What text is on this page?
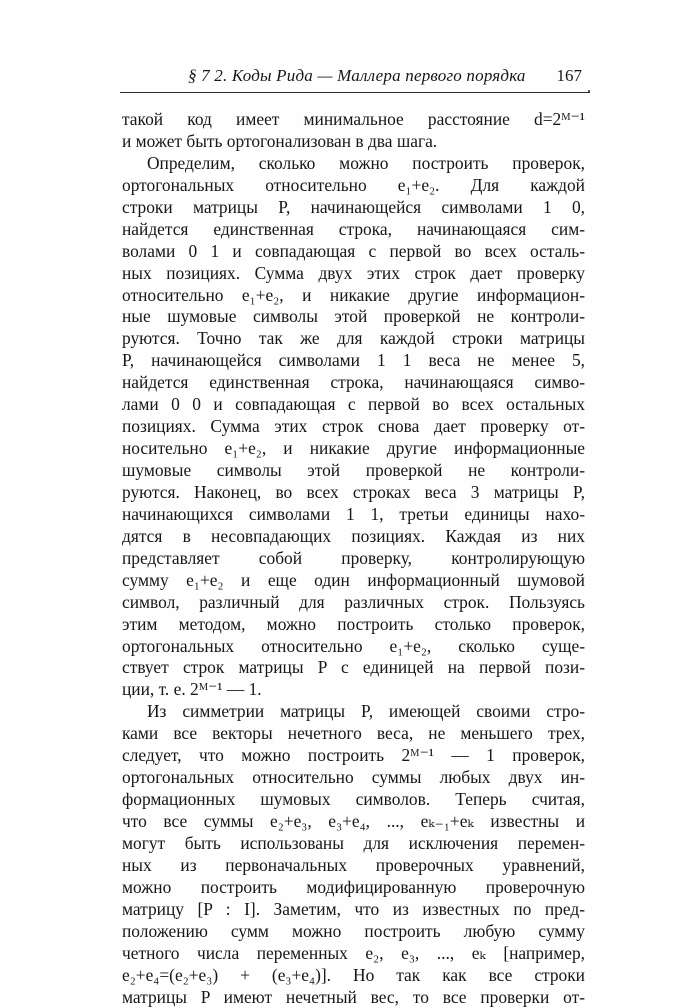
§ 7 2. Коды Рида — Маллера первого порядка 167
такой код имеет минимальное расстояние d=2ᴹ⁻¹
и может быть ортогонализован в два шага.
Определим, сколько можно построить проверок,
ортогональных относительно e₁+e₂. Для каждой
строки матрицы P, начинающейся символами 1 0,
найдется единственная строка, начинающаяся сим-
волами 0 1 и совпадающая с первой во всех осталь-
ных позициях. Сумма двух этих строк дает проверку
относительно e₁+e₂, и никакие другие информацион-
ные шумовые символы этой проверкой не контроли-
руются. Точно так же для каждой строки матрицы
P, начинающейся символами 1 1 веса не менее 5,
найдется единственная строка, начинающаяся симво-
лами 0 0 и совпадающая с первой во всех остальных
позициях. Сумма этих строк снова дает проверку от-
носительно e₁+e₂, и никакие другие информационные
шумовые символы этой проверкой не контроли-
руются. Наконец, во всех строках веса 3 матрицы P,
начинающихся символами 1 1, третьи единицы нахо-
дятся в несовпадающих позициях. Каждая из них
представляет собой проверку, контролирующую
сумму e₁+e₂ и еще один информационный шумовой
символ, различный для различных строк. Пользуясь
этим методом, можно построить столько проверок,
ортогональных относительно e₁+e₂, сколько суще-
ствует строк матрицы P с единицей на первой пози-
ции, т. е. 2ᴹ⁻¹ — 1.
Из симметрии матрицы P, имеющей своими стро-
ками все векторы нечетного веса, не меньшего трех,
следует, что можно построить 2ᴹ⁻¹ — 1 проверок,
ортогональных относительно суммы любых двух ин-
формационных шумовых символов. Теперь считая,
что все суммы e₂+e₃, e₃+e₄, ..., eₖ₋₁+eₖ известны и
могут быть использованы для исключения перемен-
ных из первоначальных проверочных уравнений,
можно построить модифицированную проверочную
матрицу [P : I]. Заметим, что из известных по пред-
положению сумм можно построить любую сумму
четного числа переменных e₂, e₃, ..., eₖ [например,
e₂+e₄=(e₂+e₃) + (e₃+e₄)]. Но так как все строки
матрицы P имеют нечетный вес, то все проверки от-
